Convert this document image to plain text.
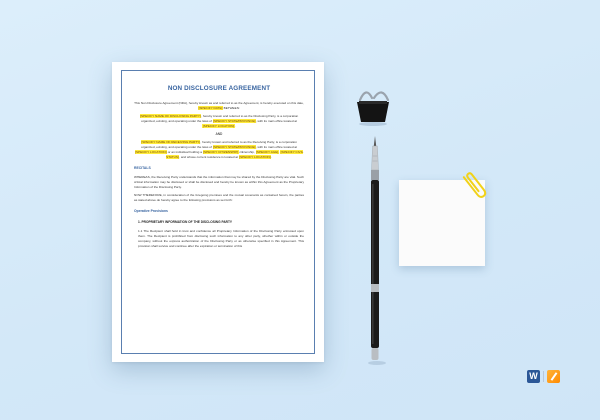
NON DISCLOSURE AGREEMENT
This Non Disclosure Agreement (NDA), hereby known as and referred to as the Agreement, is hereby executed on this date, [SPECIFY DATE] BETWEEN:
[SPECIFY NAME OF DISCLOSING PARTY], hereby known and referred to as the Disclosing Party, is a corporation organized, existing, and operating under the laws of [SPECIFY STATE/PROVINCE], with its main office located at [SPECIFY LOCATION].
AND
[SPECIFY NAME OF RECEIVING PARTY], hereby known and referred to as the Receiving Party, is a corporation organized, existing, and operating under the laws of [SPECIFY STATE/PROVINCE], with its main office located at [SPECIFY LOCATION] or an individual holding a [SPECIFY CITIZENSHIP] citizenship, [SPECIFY AGE] [SPECIFY CIVIL STATUS], and whose current residence is located at [SPECIFY LOCATION].
RECITALS
WHEREAS, the Receiving Party understands that the information that may be shared by the Disclosing Party are vital. Such critical information may be disclosed or shall be disclosed and hereby be known as within this Agreement as the Proprietary Information of the Disclosing Party.
NOW THEREFORE, in consideration of the foregoing premises and the mutual covenants as contained herein, the parties as stated above do hereby agree to the following provisions as set forth:
Operative Provisions
1. PROPRIETARY INFORMATION OF THE DISCLOSING PARTY
1.1 The Recipient shall hold in trust and confidence all Proprietary Information of the Disclosing Party entrusted upon them. The Recipient is prohibited from disclosing such information to any other party, whether within or outside the company, without the express authorization of the Disclosing Party or as otherwise specified in this Agreement. This provision shall survive and continue after the expiration or termination of this
W
